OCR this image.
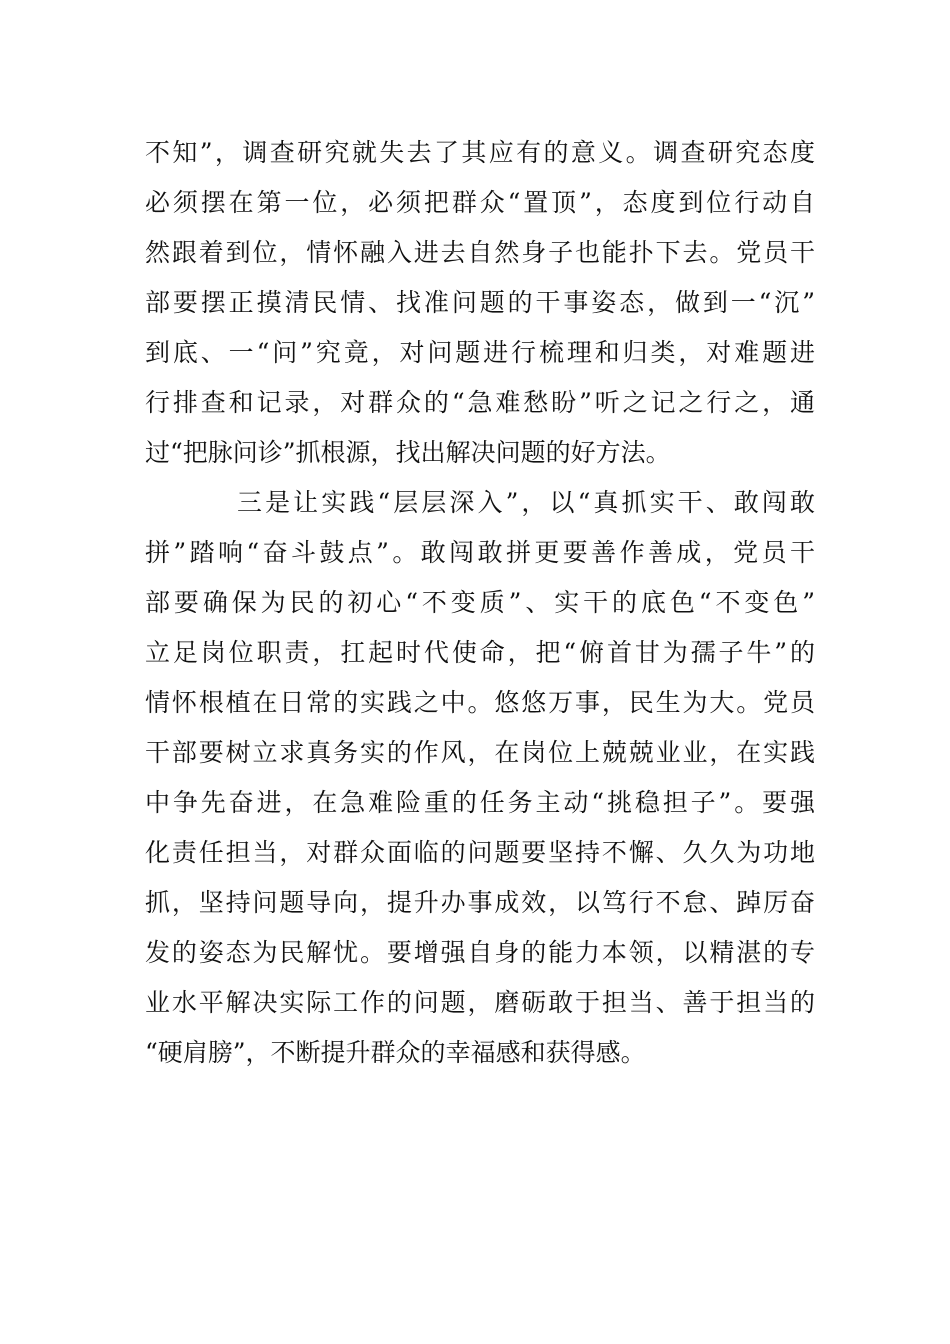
不知”，调查研究就失去了其应有的意义。调查研究态度
必须摆在第一位，必须把群众“置顶”，态度到位行动自
然跟着到位，情怀融入进去自然身子也能扑下去。党员干
部要摆正摸清民情、找准问题的干事姿态，做到一“沉”
到底、一“问”究竟，对问题进行梳理和归类，对难题进
行排查和记录，对群众的“急难愁盼”听之记之行之，通
过“把脉问诊”抓根源，找出解决问题的好方法。
三是让实践“层层深入”，以“真抓实干、敢闯敢
拼”踏响“奋斗鼓点”。敢闯敢拼更要善作善成，党员干
部要确保为民的初心“不变质”、实干的底色“不变色”
立足岗位职责，扛起时代使命，把“俯首甘为孺子牛”的
情怀根植在日常的实践之中。悠悠万事，民生为大。党员
干部要树立求真务实的作风，在岗位上兢兢业业，在实践
中争先奋进，在急难险重的任务主动“挑稳担子”。要强
化责任担当，对群众面临的问题要坚持不懈、久久为功地
抓，坚持问题导向，提升办事成效，以笃行不怠、踔厉奋
发的姿态为民解忧。要增强自身的能力本领，以精湛的专
业水平解决实际工作的问题，磨砺敢于担当、善于担当的
“硬肩膀”，不断提升群众的幸福感和获得感。
